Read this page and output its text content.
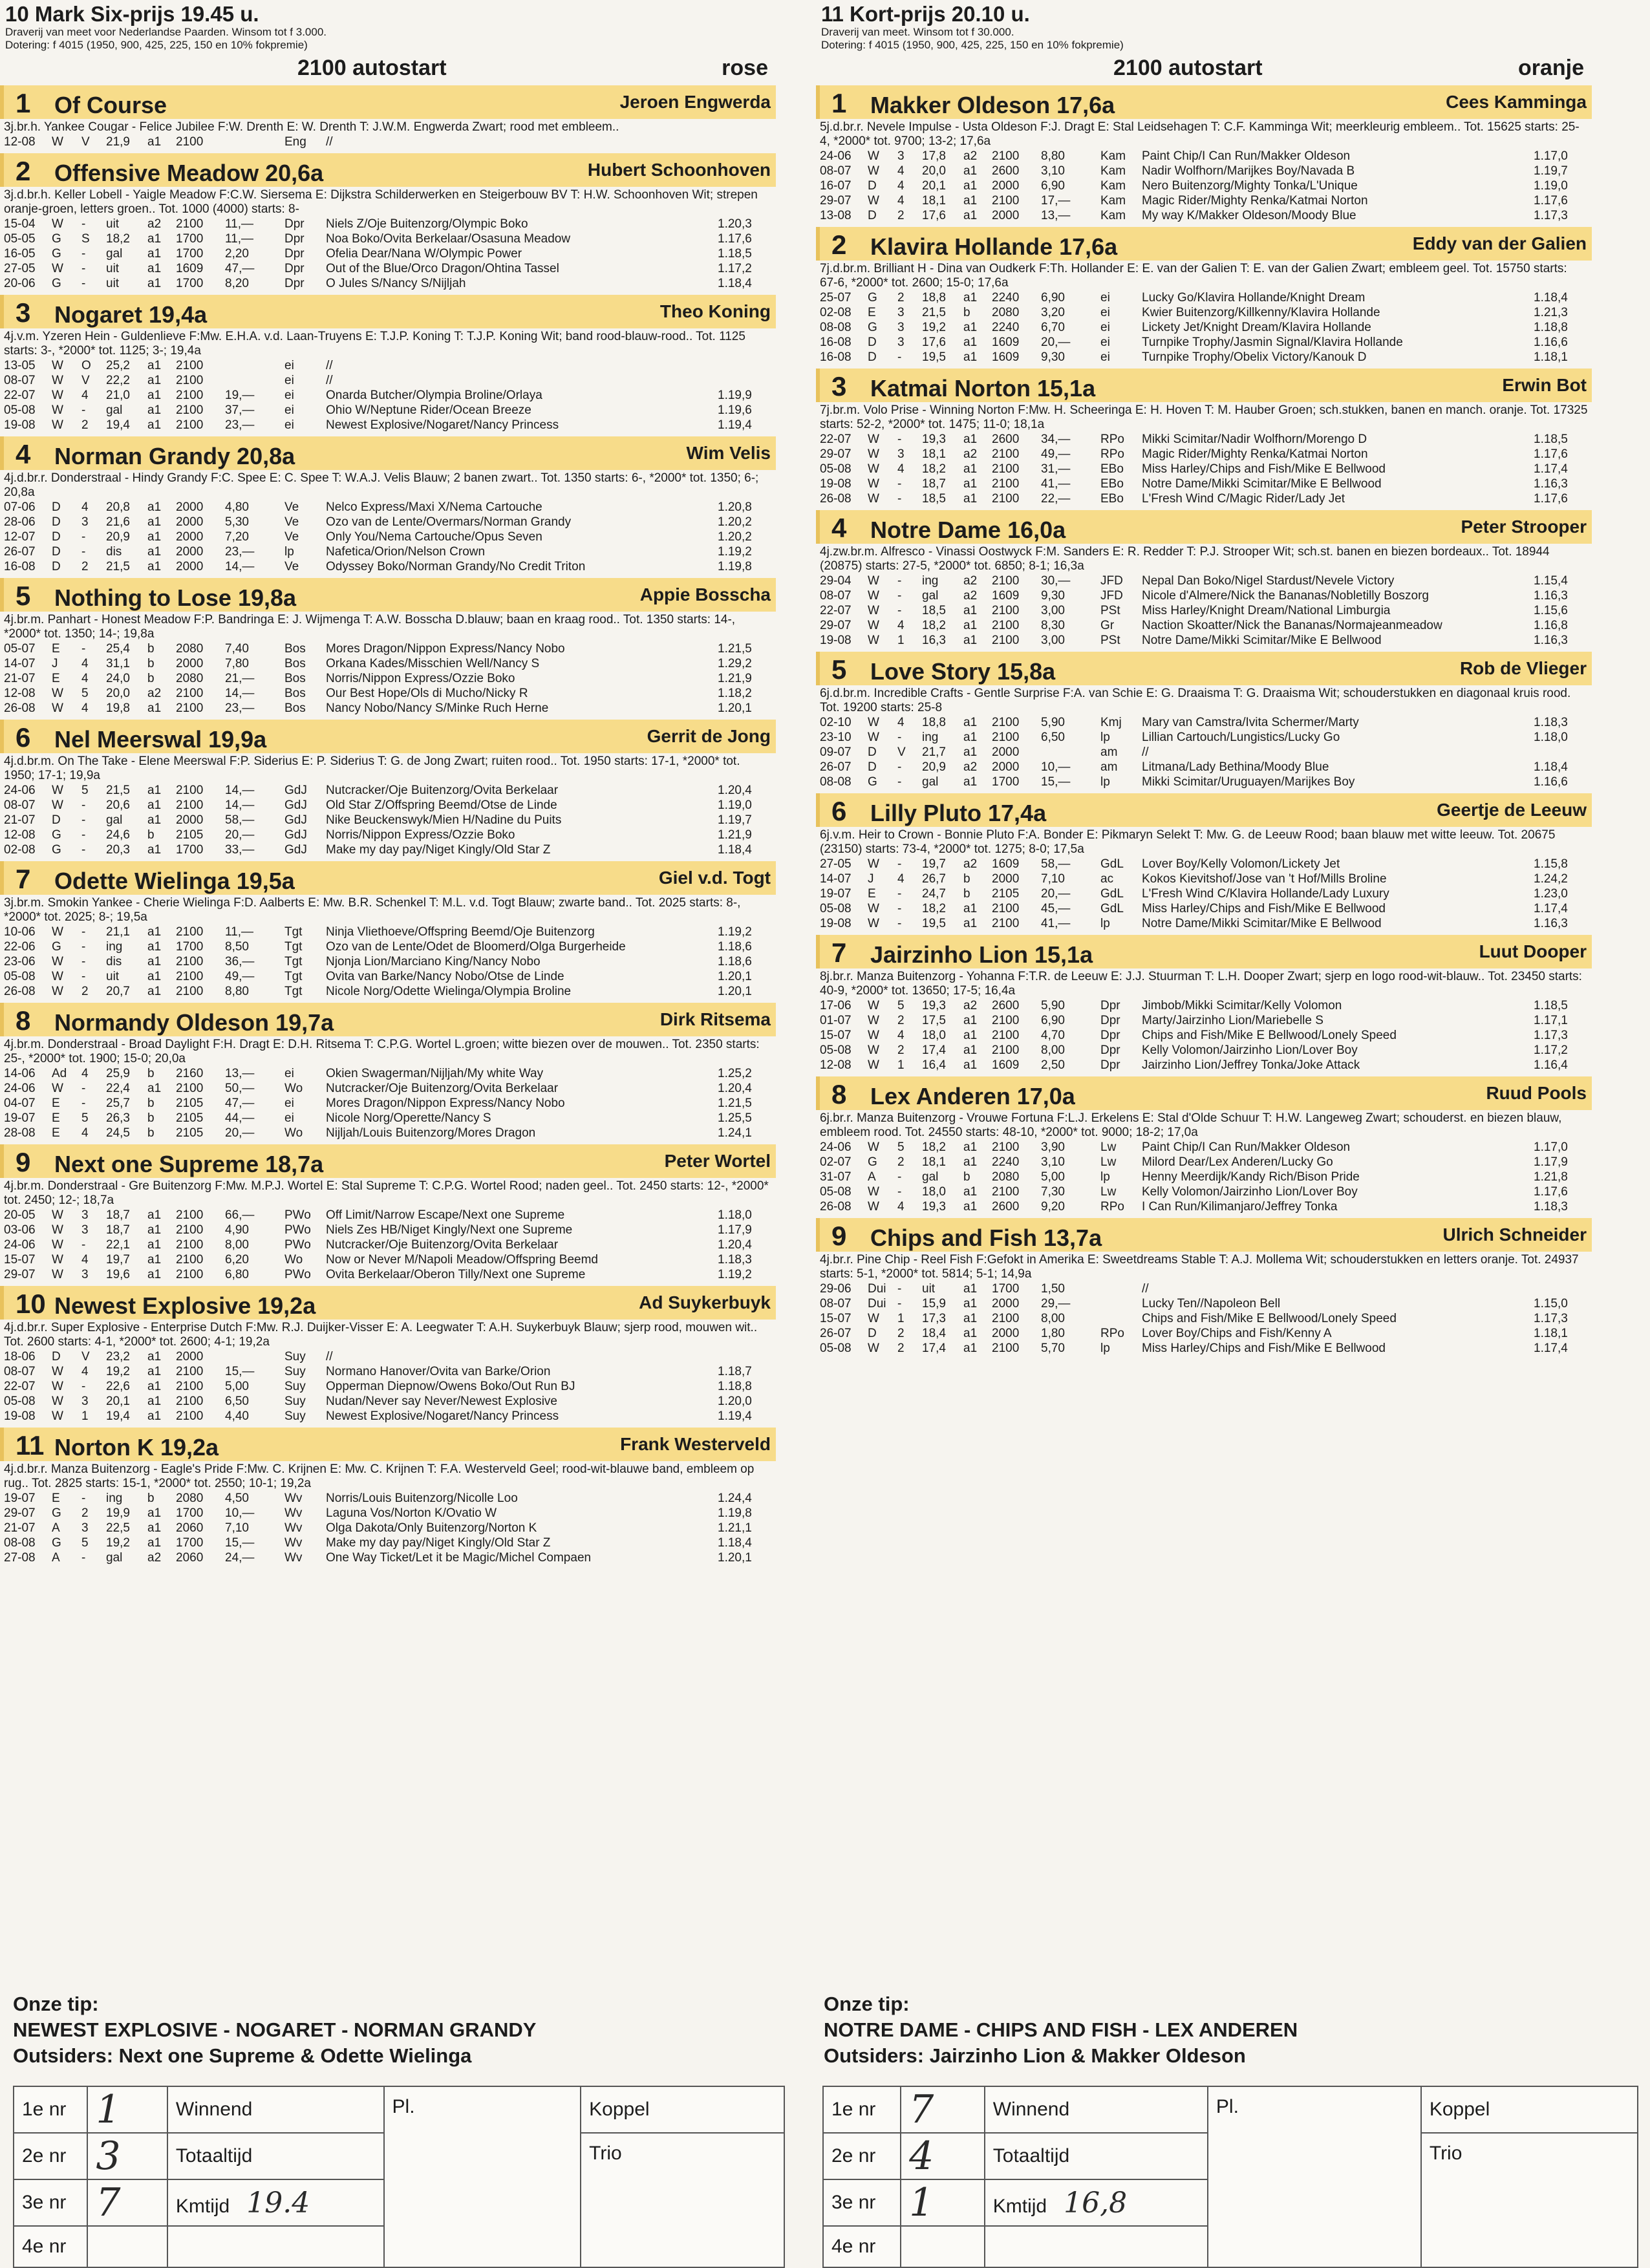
10 Mark Six-prijs 19.45 u.
Draverij van meet voor Nederlandse Paarden. Winsom tot f 3.000.
Dotering: f 4015 (1950, 900, 425, 225, 150 en 10% fokpremie)
2100 autostart	rose
1 Of Course	Jeroen Engwerda
3j.br.h. Yankee Cougar - Felice Jubilee F:W. Drenth E: W. Drenth T: J.W.M. Engwerda Zwart; rood met embleem..
12-08	W	V	21,9	a1	2100	Eng	//
2 Offensive Meadow 20,6a	Hubert Schoonhoven
3j.d.br.h. Keller Lobell - Yaigle Meadow F:C.W. Siersema E: Dijkstra Schilderwerken en Steigerbouw BV T: H.W. Schoonhoven Wit; strepen oranje-groen, letters groen.. Tot. 1000 (4000) starts: 8-
15-04	W	-	uit	a2	2100	11,—	Dpr	Niels Z/Oje Buitenzorg/Olympic Boko	1.20,3
05-05	G	S	18,2	a1	1700	11,—	Dpr	Noa Boko/Ovita Berkelaar/Osasuna Meadow	1.17,6
16-05	G	-	gal	a1	1700	2,20	Dpr	Ofelia Dear/Nana W/Olympic Power	1.18,5
27-05	W	-	uit	a1	1609	47,—	Dpr	Out of the Blue/Orco Dragon/Ohtina Tassel	1.17,2
20-06	G	-	uit	a1	1700	8,20	Dpr	O Jules S/Nancy S/Nijljah	1.18,4
3 Nogaret 19,4a	Theo Koning
4j.v.m. Yzeren Hein - Guldenlieve F:Mw. E.H.A. v.d. Laan-Truyens E: T.J.P. Koning T: T.J.P. Koning Wit; band rood-blauw-rood.. Tot. 1125 starts: 3-, *2000* tot. 1125; 3-; 19,4a
13-05	W	O	25,2	a1	2100	ei	//
08-07	W	V	22,2	a1	2100	ei	//
22-07	W	4	21,0	a1	2100	19,—	ei	Onarda Butcher/Olympia Broline/Orlaya	1.19,9
05-08	W	-	gal	a1	2100	37,—	ei	Ohio W/Neptune Rider/Ocean Breeze	1.19,6
19-08	W	2	19,4	a1	2100	23,—	ei	Newest Explosive/Nogaret/Nancy Princess	1.19,4
4 Norman Grandy 20,8a	Wim Velis
4j.d.br.r. Donderstraal - Hindy Grandy F:C. Spee E: C. Spee T: W.A.J. Velis Blauw; 2 banen zwart.. Tot. 1350 starts: 6-, *2000* tot. 1350; 6-; 20,8a
07-06	D	4	20,8	a1	2000	4,80	Ve	Nelco Express/Maxi X/Nema Cartouche	1.20,8
28-06	D	3	21,6	a1	2000	5,30	Ve	Ozo van de Lente/Overmars/Norman Grandy	1.20,2
12-07	D	-	20,9	a1	2000	7,20	Ve	Only You/Nema Cartouche/Opus Seven	1.20,2
26-07	D	-	dis	a1	2000	23,—	lp	Nafetica/Orion/Nelson Crown	1.19,2
16-08	D	2	21,5	a1	2000	14,—	Ve	Odyssey Boko/Norman Grandy/No Credit Triton	1.19,8
5 Nothing to Lose 19,8a	Appie Bosscha
4j.br.m. Panhart - Honest Meadow F:P. Bandringa E: J. Wijmenga T: A.W. Bosscha D.blauw; baan en kraag rood.. Tot. 1350 starts: 14-, *2000* tot. 1350; 14-; 19,8a
05-07	E	-	25,4	b	2080	7,40	Bos	Mores Dragon/Nippon Express/Nancy Nobo	1.21,5
14-07	J	4	31,1	b	2000	7,80	Bos	Orkana Kades/Misschien Well/Nancy S	1.29,2
21-07	E	4	24,0	b	2080	21,—	Bos	Norris/Nippon Express/Ozzie Boko	1.21,9
12-08	W	5	20,0	a2	2100	14,—	Bos	Our Best Hope/Ols di Mucho/Nicky R	1.18,2
26-08	W	4	19,8	a1	2100	23,—	Bos	Nancy Nobo/Nancy S/Minke Ruch Herne	1.20,1
6 Nel Meerswal 19,9a	Gerrit de Jong
4j.d.br.m. On The Take - Elene Meerswal F:P. Siderius E: P. Siderius T: G. de Jong Zwart; ruiten rood.. Tot. 1950 starts: 17-1, *2000* tot. 1950; 17-1; 19,9a
24-06	W	5	21,5	a1	2100	14,—	GdJ	Nutcracker/Oje Buitenzorg/Ovita Berkelaar	1.20,4
08-07	W	-	20,6	a1	2100	14,—	GdJ	Old Star Z/Offspring Beemd/Otse de Linde	1.19,0
21-07	D	-	gal	a1	2000	58,—	GdJ	Nike Beuckenswyk/Mien H/Nadine du Puits	1.19,7
12-08	G	-	24,6	b	2105	20,—	GdJ	Norris/Nippon Express/Ozzie Boko	1.21,9
02-08	G	-	20,3	a1	1700	33,—	GdJ	Make my day pay/Niget Kingly/Old Star Z	1.18,4
7 Odette Wielinga 19,5a	Giel v.d. Togt
3j.br.m. Smokin Yankee - Cherie Wielinga F:D. Aalberts E: Mw. B.R. Schenkel T: M.L. v.d. Togt Blauw; zwarte band.. Tot. 2025 starts: 8-, *2000* tot. 2025; 8-; 19,5a
10-06	W	-	21,1	a1	2100	11,—	Tgt	Ninja Vliethoeve/Offspring Beemd/Oje Buitenzorg	1.19,2
22-06	G	-	ing	a1	1700	8,50	Tgt	Ozo van de Lente/Odet de Bloomerd/Olga Burgerheide	1.18,6
23-06	W	-	dis	a1	2100	36,—	Tgt	Njonja Lion/Marciano King/Nancy Nobo	1.18,6
05-08	W	-	uit	a1	2100	49,—	Tgt	Ovita van Barke/Nancy Nobo/Otse de Linde	1.20,1
26-08	W	2	20,7	a1	2100	8,80	Tgt	Nicole Norg/Odette Wielinga/Olympia Broline	1.20,1
8 Normandy Oldeson 19,7a	Dirk Ritsema
4j.br.m. Donderstraal - Broad Daylight F:H. Dragt E: D.H. Ritsema T: C.P.G. Wortel L.groen; witte biezen over de mouwen.. Tot. 2350 starts: 25-, *2000* tot. 1900; 15-0; 20,0a
14-06	Ad	4	25,9	b	2160	13,—	ei	Okien Swagerman/Nijljah/My white Way	1.25,2
24-06	W	-	22,4	a1	2100	50,—	Wo	Nutcracker/Oje Buitenzorg/Ovita Berkelaar	1.20,4
04-07	E	-	25,7	b	2105	47,—	ei	Mores Dragon/Nippon Express/Nancy Nobo	1.21,5
19-07	E	5	26,3	b	2105	44,—	ei	Nicole Norg/Operette/Nancy S	1.25,5
28-08	E	4	24,5	b	2105	20,—	Wo	Nijljah/Louis Buitenzorg/Mores Dragon	1.24,1
9 Next one Supreme 18,7a	Peter Wortel
4j.br.m. Donderstraal - Gre Buitenzorg F:Mw. M.P.J. Wortel E: Stal Supreme T: C.P.G. Wortel Rood; naden geel.. Tot. 2450 starts: 12-, *2000* tot. 2450; 12-; 18,7a
20-05	W	3	18,7	a1	2100	66,—	PWo	Off Limit/Narrow Escape/Next one Supreme	1.18,0
03-06	W	3	18,7	a1	2100	4,90	PWo	Niels Zes HB/Niget Kingly/Next one Supreme	1.17,9
24-06	W	-	22,1	a1	2100	8,00	PWo	Nutcracker/Oje Buitenzorg/Ovita Berkelaar	1.20,4
15-07	W	4	19,7	a1	2100	6,20	Wo	Now or Never M/Napoli Meadow/Offspring Beemd	1.18,3
29-07	W	3	19,6	a1	2100	6,80	PWo	Ovita Berkelaar/Oberon Tilly/Next one Supreme	1.19,2
10 Newest Explosive 19,2a	Ad Suykerbuyk
4j.d.br.r. Super Explosive - Enterprise Dutch F:Mw. R.J. Duijker-Visser E: A. Leegwater T: A.H. Suykerbuyk Blauw; sjerp rood, mouwen wit.. Tot. 2600 starts: 4-1, *2000* tot. 2600; 4-1; 19,2a
18-06	D	V	23,2	a1	2000	Suy	//
08-07	W	4	19,2	a1	2100	15,—	Suy	Normano Hanover/Ovita van Barke/Orion	1.18,7
22-07	W	-	22,6	a1	2100	5,00	Suy	Opperman Diepnow/Owens Boko/Out Run BJ	1.18,8
05-08	W	3	20,1	a1	2100	6,50	Suy	Nudan/Never say Never/Newest Explosive	1.20,0
19-08	W	1	19,4	a1	2100	4,40	Suy	Newest Explosive/Nogaret/Nancy Princess	1.19,4
11 Norton K 19,2a	Frank Westerveld
4j.d.br.r. Manza Buitenzorg - Eagle's Pride F:Mw. C. Krijnen E: Mw. C. Krijnen T: F.A. Westerveld Geel; rood-wit-blauwe band, embleem op rug.. Tot. 2825 starts: 15-1, *2000* tot. 2550; 10-1; 19,2a
19-07	E	-	ing	b	2080	4,50	Wv	Norris/Louis Buitenzorg/Nicolle Loo	1.24,4
29-07	G	2	19,9	a1	1700	10,—	Wv	Laguna Vos/Norton K/Ovatio W	1.19,8
21-07	A	3	22,5	a1	2060	7,10	Wv	Olga Dakota/Only Buitenzorg/Norton K	1.21,1
08-08	G	5	19,2	a1	1700	15,—	Wv	Make my day pay/Niget Kingly/Old Star Z	1.18,4
27-08	A	-	gal	a2	2060	24,—	Wv	One Way Ticket/Let it be Magic/Michel Compaen	1.20,1
11 Kort-prijs 20.10 u.
Draverij van meet. Winsom tot f 30.000.
Dotering: f 4015 (1950, 900, 425, 225, 150 en 10% fokpremie)
2100 autostart	oranje
1 Makker Oldeson 17,6a	Cees Kamminga
5j.d.br.r. Nevele Impulse - Usta Oldeson F:J. Dragt E: Stal Leidsehagen T: C.F. Kamminga Wit; meerkleurig embleem.. Tot. 15625 starts: 25-4, *2000* tot. 9700; 13-2; 17,6a
24-06	W	3	17,8	a2	2100	8,80	Kam	Paint Chip/I Can Run/Makker Oldeson	1.17,0
08-07	W	4	20,0	a1	2600	3,10	Kam	Nadir Wolfhorn/Marijkes Boy/Navada B	1.19,7
16-07	D	4	20,1	a1	2000	6,90	Kam	Nero Buitenzorg/Mighty Tonka/L'Unique	1.19,0
29-07	W	4	18,1	a1	2100	17,—	Kam	Magic Rider/Mighty Renka/Katmai Norton	1.17,6
13-08	D	2	17,6	a1	2000	13,—	Kam	My way K/Makker Oldeson/Moody Blue	1.17,3
2 Klavira Hollande 17,6a	Eddy van der Galien
7j.d.br.m. Brilliant H - Dina van Oudkerk F:Th. Hollander E: E. van der Galien T: E. van der Galien Zwart; embleem geel. Tot. 15750 starts: 67-6, *2000* tot. 2600; 15-0; 17,6a
25-07	G	2	18,8	a1	2240	6,90	ei	Lucky Go/Klavira Hollande/Knight Dream	1.18,4
02-08	E	3	21,5	b	2080	3,20	ei	Kwier Buitenzorg/Killkenny/Klavira Hollande	1.21,3
08-08	G	3	19,2	a1	2240	6,70	ei	Lickety Jet/Knight Dream/Klavira Hollande	1.18,8
16-08	D	3	17,6	a1	1609	20,—	ei	Turnpike Trophy/Jasmin Signal/Klavira Hollande	1.16,6
16-08	D	-	19,5	a1	1609	9,30	ei	Turnpike Trophy/Obelix Victory/Kanouk D	1.18,1
3 Katmai Norton 15,1a	Erwin Bot
7j.br.m. Volo Prise - Winning Norton F:Mw. H. Scheeringa E: H. Hoven T: M. Hauber Groen; sch.stukken, banen en manch. oranje. Tot. 17325 starts: 52-2, *2000* tot. 1475; 11-0; 18,1a
22-07	W	-	19,3	a1	2600	34,—	RPo	Mikki Scimitar/Nadir Wolfhorn/Morengo D	1.18,5
29-07	W	3	18,1	a2	2100	49,—	RPo	Magic Rider/Mighty Renka/Katmai Norton	1.17,6
05-08	W	4	18,2	a1	2100	31,—	EBo	Miss Harley/Chips and Fish/Mike E Bellwood	1.17,4
19-08	W	-	18,7	a1	2100	41,—	EBo	Notre Dame/Mikki Scimitar/Mike E Bellwood	1.16,3
26-08	W	-	18,5	a1	2100	22,—	EBo	L'Fresh Wind C/Magic Rider/Lady Jet	1.17,6
4 Notre Dame 16,0a	Peter Strooper
4j.zw.br.m. Alfresco - Vinassi Oostwyck F:M. Sanders E: R. Redder T: P.J. Strooper Wit; sch.st. banen en biezen bordeaux.. Tot. 18944 (20875) starts: 27-5, *2000* tot. 6850; 8-1; 16,3a
29-04	W	-	ing	a2	2100	30,—	JFD	Nepal Dan Boko/Nigel Stardust/Nevele Victory	1.15,4
08-07	W	-	gal	a2	1609	9,30	JFD	Nicole d'Almere/Nick the Bananas/Nobletilly Boszorg	1.16,3
22-07	W	-	18,5	a1	2100	3,00	PSt	Miss Harley/Knight Dream/National Limburgia	1.15,6
29-07	W	4	18,2	a1	2100	8,30	Gr	Naction Skoatter/Nick the Bananas/Normajeanmeadow	1.16,8
19-08	W	1	16,3	a1	2100	3,00	PSt	Notre Dame/Mikki Scimitar/Mike E Bellwood	1.16,3
5 Love Story 15,8a	Rob de Vlieger
6j.d.br.m. Incredible Crafts - Gentle Surprise F:A. van Schie E: G. Draaisma T: G. Draaisma Wit; schouderstukken en diagonaal kruis rood. Tot. 19200 starts: 25-8
02-10	W	4	18,8	a1	2100	5,90	Kmj	Mary van Camstra/Ivita Schermer/Marty	1.18,3
23-10	W	-	ing	a1	2100	6,50	lp	Lillian Cartouch/Lungistics/Lucky Go	1.18,0
09-07	D	V	21,7	a1	2000	am	//
26-07	D	-	20,9	a2	2000	10,—	am	Litmana/Lady Bethina/Moody Blue	1.18,4
08-08	G	-	gal	a1	1700	15,—	lp	Mikki Scimitar/Uruguayen/Marijkes Boy	1.16,6
6 Lilly Pluto 17,4a	Geertje de Leeuw
6j.v.m. Heir to Crown - Bonnie Pluto F:A. Bonder E: Pikmaryn Selekt T: Mw. G. de Leeuw Rood; baan blauw met witte leeuw. Tot. 20675 (23150) starts: 73-4, *2000* tot. 1275; 8-0; 17,5a
27-05	W	-	19,7	a2	1609	58,—	GdL	Lover Boy/Kelly Volomon/Lickety Jet	1.15,8
14-07	J	4	26,7	b	2000	7,10	ac	Kokos Kievitshof/Jose van 't Hof/Mills Broline	1.24,2
19-07	E	-	24,7	b	2105	20,—	GdL	L'Fresh Wind C/Klavira Hollande/Lady Luxury	1.23,0
05-08	W	-	18,2	a1	2100	45,—	GdL	Miss Harley/Chips and Fish/Mike E Bellwood	1.17,4
19-08	W	-	19,5	a1	2100	41,—	lp	Notre Dame/Mikki Scimitar/Mike E Bellwood	1.16,3
7 Jairzinho Lion 15,1a	Luut Dooper
8j.br.r. Manza Buitenzorg - Yohanna F:T.R. de Leeuw E: J.J. Stuurman T: L.H. Dooper Zwart; sjerp en logo rood-wit-blauw.. Tot. 23450 starts: 40-9, *2000* tot. 13650; 17-5; 16,4a
17-06	W	5	19,3	a2	2600	5,90	Dpr	Jimbob/Mikki Scimitar/Kelly Volomon	1.18,5
01-07	W	2	17,5	a1	2100	6,90	Dpr	Marty/Jairzinho Lion/Mariebelle S	1.17,1
15-07	W	4	18,0	a1	2100	4,70	Dpr	Chips and Fish/Mike E Bellwood/Lonely Speed	1.17,3
05-08	W	2	17,4	a1	2100	8,00	Dpr	Kelly Volomon/Jairzinho Lion/Lover Boy	1.17,2
12-08	W	1	16,4	a1	1609	2,50	Dpr	Jairzinho Lion/Jeffrey Tonka/Joke Attack	1.16,4
8 Lex Anderen 17,0a	Ruud Pools
6j.br.r. Manza Buitenzorg - Vrouwe Fortuna F:L.J. Erkelens E: Stal d'Olde Schuur T: H.W. Langeweg Zwart; schouderst. en biezen blauw, embleem rood. Tot. 24550 starts: 48-10, *2000* tot. 9000; 18-2; 17,0a
24-06	W	5	18,2	a1	2100	3,90	Lw	Paint Chip/I Can Run/Makker Oldeson	1.17,0
02-07	G	2	18,1	a1	2240	3,10	Lw	Milord Dear/Lex Anderen/Lucky Go	1.17,9
31-07	A	-	gal	b	2080	5,00	lp	Henny Meerdijk/Kandy Rich/Bison Pride	1.21,8
05-08	W	-	18,0	a1	2100	7,30	Lw	Kelly Volomon/Jairzinho Lion/Lover Boy	1.17,6
26-08	W	4	19,3	a1	2600	9,20	RPo	I Can Run/Kilimanjaro/Jeffrey Tonka	1.18,3
9 Chips and Fish 13,7a	Ulrich Schneider
4j.br.r. Pine Chip - Reel Fish F:Gefokt in Amerika E: Sweetdreams Stable T: A.J. Mollema Wit; schouderstukken en letters oranje. Tot. 24937 starts: 5-1, *2000* tot. 5814; 5-1; 14,9a
29-06	Dui -	uit	a1	1700	1,50	//
08-07	Dui -	15,9	a1	2000	29,—	Lucky Ten//Napoleon Bell	1.15,0
15-07	W	1	17,3	a1	2100	8,00	Chips and Fish/Mike E Bellwood/Lonely Speed	1.17,3
26-07	D	2	18,4	a1	2000	1,80	RPo	Lover Boy/Chips and Fish/Kenny A	1.18,1
05-08	W	2	17,4	a1	2100	5,70	lp	Miss Harley/Chips and Fish/Mike E Bellwood	1.17,4
Onze tip:
NEWEST EXPLOSIVE - NOGARET - NORMAN GRANDY
Outsiders: Next one Supreme & Odette Wielinga
Onze tip:
NOTRE DAME - CHIPS AND FISH - LEX ANDEREN
Outsiders: Jairzinho Lion & Makker Oldeson
1e nr	1	Winnend	Pl.	Koppel
2e nr	3	Totaaltijd		Trio
3e nr	7	Kmtijd 19.4		
4e nr				
1e nr	7	Winnend	Pl.	Koppel
2e nr	4	Totaaltijd		Trio
3e nr	1	Kmtijd 16,8		
4e nr				
